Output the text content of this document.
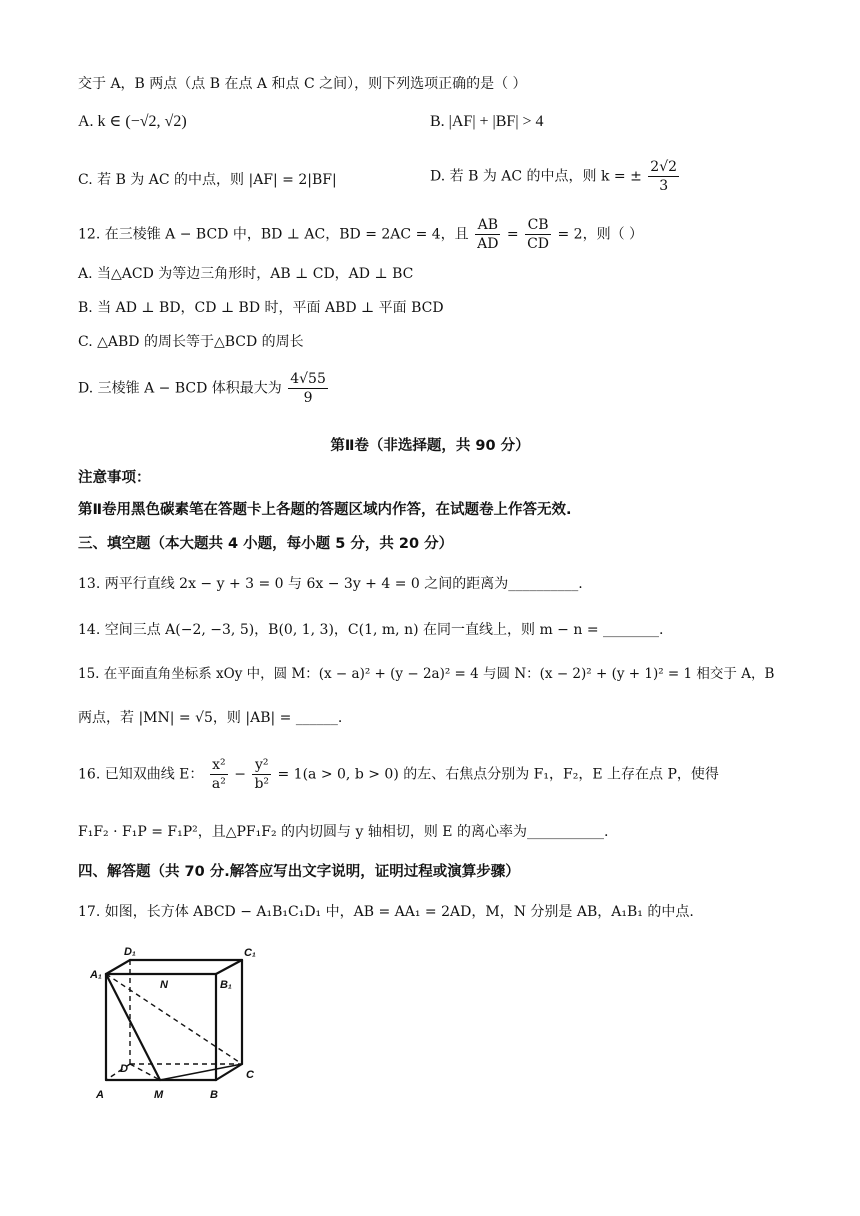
交于 A，B 两点（点 B 在点 A 和点 C 之间），则下列选项正确的是（ ）
A. k ∈ (−√2, √2)	B. |AF| + |BF| > 4
C. 若 B 为 AC 的中点，则 |AF| = 2|BF|	D. 若 B 为 AC 的中点，则 k = ± $\frac{2√2}{3}$
12. 在三棱锥 A − BCD 中，BD ⊥ AC，BD = 2AC = 4，且 $\frac{AB}{AD} = \frac{CB}{CD} = 2$，则（ ）
A. 当△ACD 为等边三角形时，AB ⊥ CD，AD ⊥ BC
B. 当 AD ⊥ BD，CD ⊥ BD 时，平面 ABD ⊥ 平面 BCD
C. △ABD 的周长等于△BCD 的周长
D. 三棱锥 A − BCD 体积最大为 $\frac{4√55}{9}$
第Ⅱ卷（非选择题，共 90 分）
注意事项：
第Ⅱ卷用黑色碳素笔在答题卡上各题的答题区域内作答，在试题卷上作答无效.
三、填空题（本大题共 4 小题，每小题 5 分，共 20 分）
13. 两平行直线 2x − y + 3 = 0 与 6x − 3y + 4 = 0 之间的距离为__________.
14. 空间三点 A(−2, −3, 5)，B(0, 1, 3)，C(1, m, n) 在同一直线上，则 m − n = ________.
15. 在平面直角坐标系 xOy 中，圆 M：(x − a)² + (y − 2a)² = 4 与圆 N：(x − 2)² + (y + 1)² = 1 相交于 A，B
两点，若 |MN| = √5，则 |AB| = ______.
16. 已知双曲线 E： $\frac{\text{x²}}{\text{a²}} - \frac{\text{y²}}{\text{b²}} = 1(a > 0$, b > 0) 的左、右焦点分别为 F₁，F₂，E 上存在点 P，使得
F₁F₂ · F₁P = F₁P²，且△PF₁F₂ 的内切圆与 y 轴相切，则 E 的离心率为___________.
四、解答题（共 70 分.解答应写出文字说明，证明过程或演算步骤）
17. 如图，长方体 ABCD − A₁B₁C₁D₁ 中，AB = AA₁ = 2AD，M，N 分别是 AB，A₁B₁ 的中点.
D₁	C₁
A₁
B₁
N
D	C
A	M	B
